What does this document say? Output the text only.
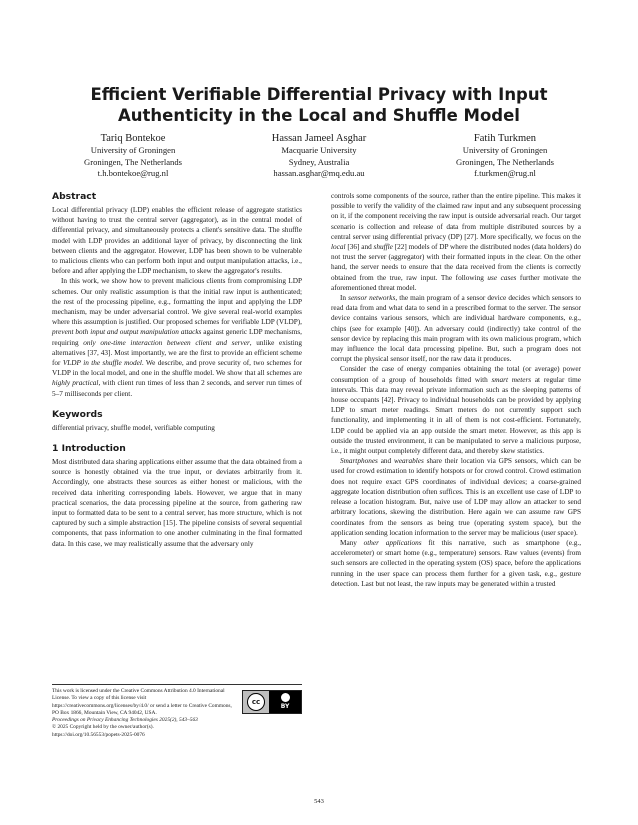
Efficient Verifiable Differential Privacy with Input Authenticity in the Local and Shuffle Model
Tariq Bontekoe
University of Groningen
Groningen, The Netherlands
t.h.bontekoe@rug.nl
Hassan Jameel Asghar
Macquarie University
Sydney, Australia
hassan.asghar@mq.edu.au
Fatih Turkmen
University of Groningen
Groningen, The Netherlands
f.turkmen@rug.nl
Abstract

Local differential privacy (LDP) enables the efficient release of aggregate statistics without having to trust the central server (aggregator), as in the central model of differential privacy, and simultaneously protects a client's sensitive data. The shuffle model with LDP provides an additional layer of privacy, by disconnecting the link between clients and the aggregator. However, LDP has been shown to be vulnerable to malicious clients who can perform both input and output manipulation attacks, i.e., before and after applying the LDP mechanism, to skew the aggregator's results.

In this work, we show how to prevent malicious clients from compromising LDP schemes. Our only realistic assumption is that the initial raw input is authenticated; the rest of the processing pipeline, e.g., formatting the input and applying the LDP mechanism, may be under adversarial control. We give several real-world examples where this assumption is justified. Our proposed schemes for verifiable LDP (VLDP), prevent both input and output manipulation attacks against generic LDP mechanisms, requiring only one-time interaction between client and server, unlike existing alternatives [37, 43]. Most importantly, we are the first to provide an efficient scheme for VLDP in the shuffle model. We describe, and prove security of, two schemes for VLDP in the local model, and one in the shuffle model. We show that all schemes are highly practical, with client run times of less than 2 seconds, and server run times of 5–7 milliseconds per client.

Keywords

differential privacy, shuffle model, verifiable computing

1 Introduction

Most distributed data sharing applications either assume that the data obtained from a source is honestly obtained via the true input, or deviates arbitrarily from it. Accordingly, one abstracts these sources as either honest or malicious, with the received data inheriting corresponding labels. However, we argue that in many practical scenarios, the data processing pipeline at the source, from gathering raw input to formatted data to be sent to a central server, has more structure, which is not captured by such a simple abstraction [15]. The pipeline consists of several sequential components, that pass information to one another culminating in the final formatted data. In this case, we may realistically assume that the adversary only

controls some components of the source, rather than the entire pipeline. This makes it possible to verify the validity of the claimed raw input and any subsequent processing on it, if the component receiving the raw input is outside adversarial reach. Our target scenario is collection and release of data from multiple distributed sources by a central server using differential privacy (DP) [27]. More specifically, we focus on the local [36] and shuffle [22] models of DP where the distributed nodes (data holders) do not trust the server (aggregator) with their formatted inputs in the clear. On the other hand, the server needs to ensure that the data received from the clients is correctly obtained from the true, raw input. The following use cases further motivate the aforementioned threat model.

In sensor networks, the main program of a sensor device decides which sensors to read data from and what data to send in a prescribed format to the server. The sensor device contains various sensors, which are individual hardware components, e.g., chips (see for example [40]). An adversary could (indirectly) take control of the sensor device by replacing this main program with its own malicious program, which may influence the local data processing pipeline. But, such a program does not corrupt the physical sensor itself, nor the raw data it produces.

Consider the case of energy companies obtaining the total (or average) power consumption of a group of households fitted with smart meters at regular time intervals. This data may reveal private information such as the sleeping patterns of house occupants [42]. Privacy to individual households can be provided by applying LDP to smart meter readings. Smart meters do not currently support such functionality, and implementing it in all of them is not cost-efficient. Fortunately, LDP could be applied via an app outside the smart meter. However, as this app is outside the trusted environment, it can be manipulated to serve a malicious purpose, i.e., it might output completely different data, and thereby skew statistics.

Smartphones and wearables share their location via GPS sensors, which can be used for crowd estimation to identify hotspots or for crowd control. Crowd estimation does not require exact GPS coordinates of individual devices; a coarse-grained aggregate location distribution often suffices. This is an excellent use case of LDP to release a location histogram. But, naive use of LDP may allow an attacker to send arbitrary locations, skewing the distribution. Here again we can assume raw GPS coordinates from the sensors as being true (operating system space), but the application sending location information to the server may be malicious (user space).

Many other applications fit this narrative, such as smartphone (e.g., accelerometer) or smart home (e.g., temperature) sensors. Raw values (events) from such sensors are collected in the operating system (OS) space, before the applications running in the user space can process them further for a given task, e.g., gesture detection. Last but not least, the raw inputs may be generated within a trusted

This work is licensed under the Creative Commons Attribution 4.0 International License. To view a copy of this license visit https://creativecommons.org/licenses/by/4.0/ or send a letter to Creative Commons, PO Box 1866, Mountain View, CA 94042, USA.
cc
BY
Proceedings on Privacy Enhancing Technologies 2025(2), 543–563
© 2025 Copyright held by the owner/author(s).
https://doi.org/10.56553/popets-2025-0076
543
